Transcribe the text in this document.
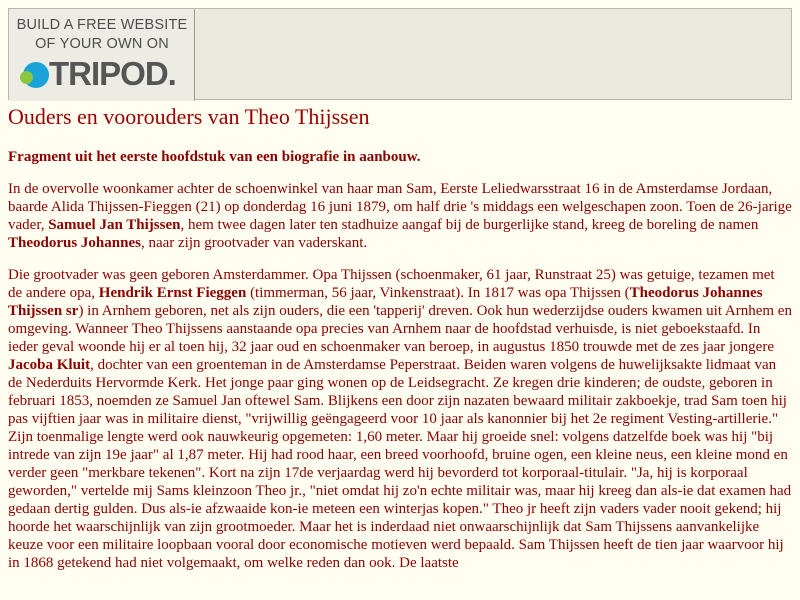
BUILD A FREE WEBSITE
OF YOUR OWN ON
TRIPOD.
Ouders en voorouders van Theo Thijssen

Fragment uit het eerste hoofdstuk van een biografie in aanbouw.

In de overvolle woonkamer achter de schoenwinkel van haar man Sam, Eerste Leliedwarsstraat 16 in de Amsterdamse Jordaan, baarde Alida Thijssen-Fieggen (21) op donderdag 16 juni 1879, om half drie 's middags een welgeschapen zoon. Toen de 26-jarige vader, Samuel Jan Thijssen, hem twee dagen later ten stadhuize aangaf bij de burgerlijke stand, kreeg de boreling de namen Theodorus Johannes, naar zijn grootvader van vaderskant.

Die grootvader was geen geboren Amsterdammer. Opa Thijssen (schoenmaker, 61 jaar, Runstraat 25) was getuige, tezamen met de andere opa, Hendrik Ernst Fieggen (timmerman, 56 jaar, Vinkenstraat). In 1817 was opa Thijssen (Theodorus Johannes Thijssen sr) in Arnhem geboren, net als zijn ouders, die een 'tapperij' dreven. Ook hun wederzijdse ouders kwamen uit Arnhem en omgeving. Wanneer Theo Thijssens aanstaande opa precies van Arnhem naar de hoofdstad verhuisde, is niet geboekstaafd. In ieder geval woonde hij er al toen hij, 32 jaar oud en schoenmaker van beroep, in augustus 1850 trouwde met de zes jaar jongere Jacoba Kluit, dochter van een groenteman in de Amsterdamse Peperstraat. Beiden waren volgens de huwelijksakte lidmaat van de Nederduits Hervormde Kerk. Het jonge paar ging wonen op de Leidsegracht. Ze kregen drie kinderen; de oudste, geboren in februari 1853, noemden ze Samuel Jan oftewel Sam. Blijkens een door zijn nazaten bewaard militair zakboekje, trad Sam toen hij pas vijftien jaar was in militaire dienst, "vrijwillig geëngageerd voor 10 jaar als kanonnier bij het 2e regiment Vesting-artillerie." Zijn toenmalige lengte werd ook nauwkeurig opgemeten: 1,60 meter. Maar hij groeide snel: volgens datzelfde boek was hij "bij intrede van zijn 19e jaar" al 1,87 meter. Hij had rood haar, een breed voorhoofd, bruine ogen, een kleine neus, een kleine mond en verder geen "merkbare tekenen". Kort na zijn 17de verjaardag werd hij bevorderd tot korporaal-titulair. "Ja, hij is korporaal geworden," vertelde mij Sams kleinzoon Theo jr., "niet omdat hij zo'n echte militair was, maar hij kreeg dan als-ie dat examen had gedaan dertig gulden. Dus als-ie afzwaaide kon-ie meteen een winterjas kopen." Theo jr heeft zijn vaders vader nooit gekend; hij hoorde het waarschijnlijk van zijn grootmoeder. Maar het is inderdaad niet onwaarschijnlijk dat Sam Thijssens aanvankelijke keuze voor een militaire loopbaan vooral door economische motieven werd bepaald. Sam Thijssen heeft de tien jaar waarvoor hij in 1868 getekend had niet volgemaakt, om welke reden dan ook. De laatste
